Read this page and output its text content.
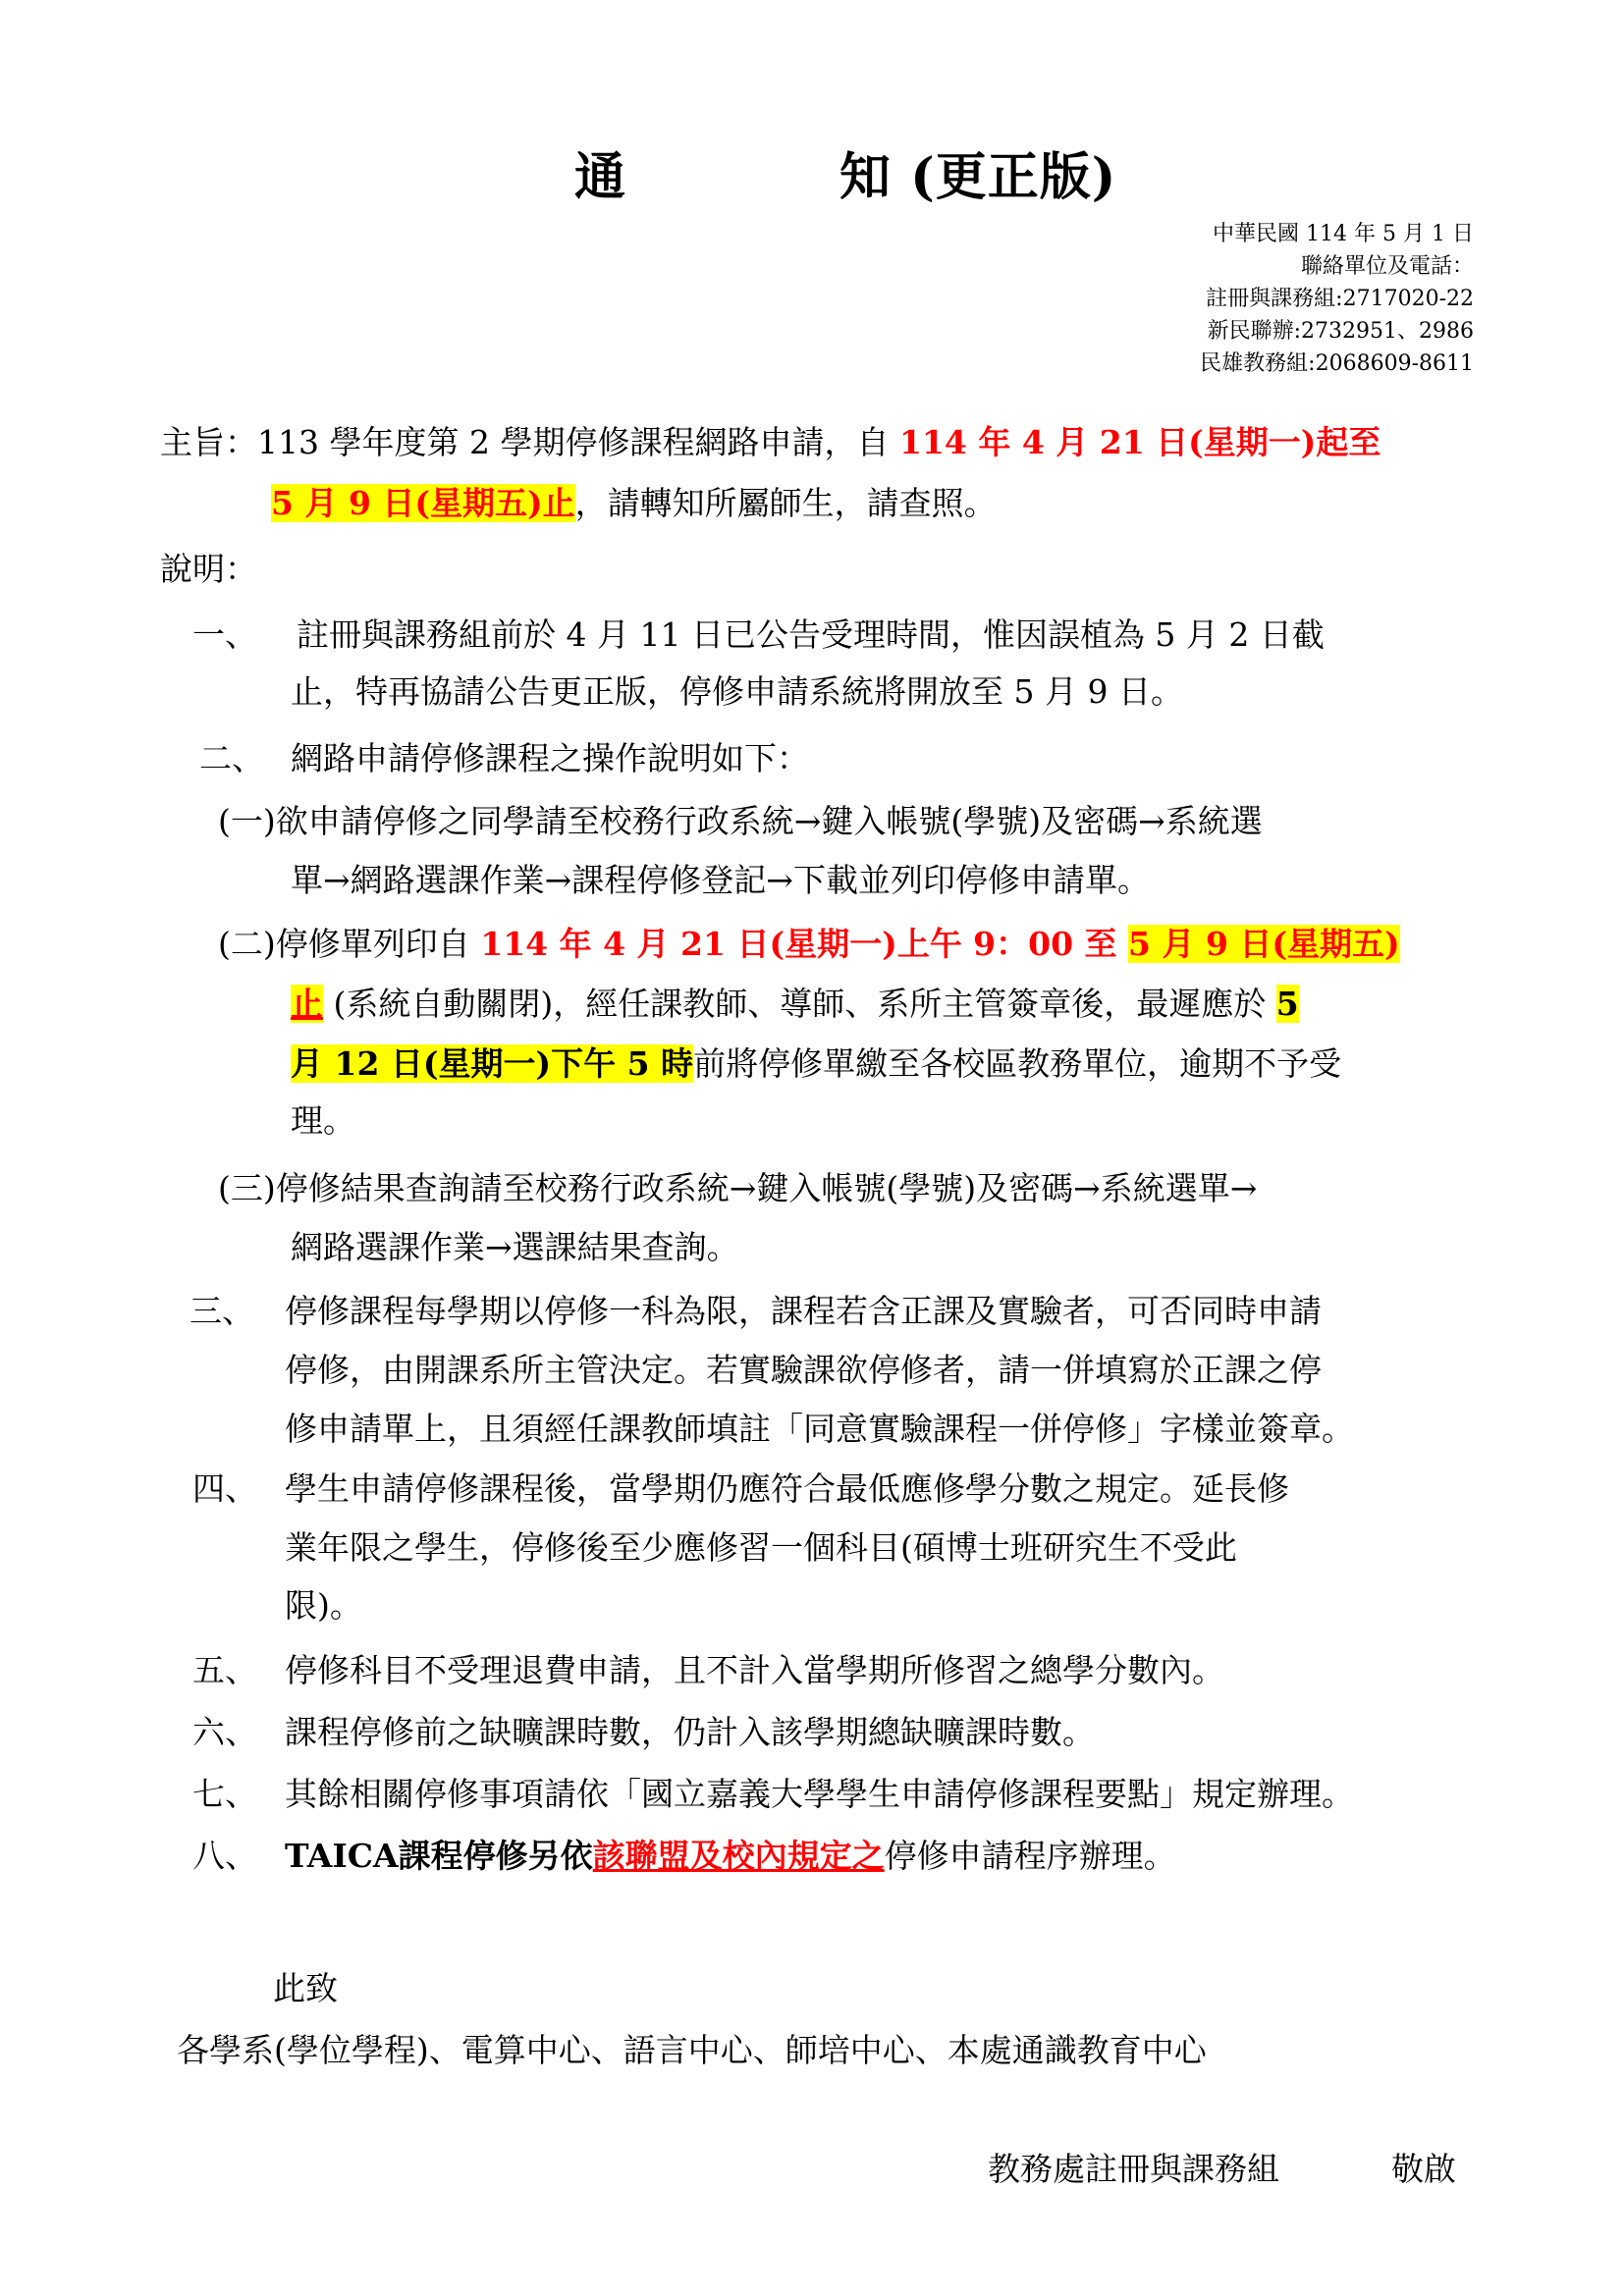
通	知 (更正版)
中華民國 114 年 5 月 1 日
聯絡單位及電話：
註冊與課務組:2717020-22
新民聯辦:2732951、2986
民雄教務組:2068609-8611
主旨：113 學年度第 2 學期停修課程網路申請，自 114 年 4 月 21 日(星期一)起至
5 月 9 日(星期五)止，請轉知所屬師生，請查照。
說明：
一、 註冊與課務組前於 4 月 11 日已公告受理時間，惟因誤植為 5 月 2 日截
止，特再協請公告更正版，停修申請系統將開放至 5 月 9 日。
二、 網路申請停修課程之操作說明如下：
(一)欲申請停修之同學請至校務行政系統→鍵入帳號(學號)及密碼→系統選
單→網路選課作業→課程停修登記→下載並列印停修申請單。
(二)停修單列印自 114 年 4 月 21 日(星期一)上午 9：00 至 5 月 9 日(星期五)
止 (系統自動關閉)，經任課教師、導師、系所主管簽章後，最遲應於 5
月 12 日(星期一)下午 5 時前將停修單繳至各校區教務單位，逾期不予受
理。
(三)停修結果查詢請至校務行政系統→鍵入帳號(學號)及密碼→系統選單→
網路選課作業→選課結果查詢。
三、 停修課程每學期以停修一科為限，課程若含正課及實驗者，可否同時申請
停修，由開課系所主管決定。若實驗課欲停修者，請一併填寫於正課之停
修申請單上，且須經任課教師填註「同意實驗課程一併停修」字樣並簽章。
四、 學生申請停修課程後，當學期仍應符合最低應修學分數之規定。延長修
業年限之學生，停修後至少應修習一個科目(碩博士班研究生不受此
限)。
五、 停修科目不受理退費申請，且不計入當學期所修習之總學分數內。
六、 課程停修前之缺曠課時數，仍計入該學期總缺曠課時數。
七、 其餘相關停修事項請依「國立嘉義大學學生申請停修課程要點」規定辦理。
八、 TAICA課程停修另依該聯盟及校內規定之停修申請程序辦理。
此致
各學系(學位學程)、電算中心、語言中心、師培中心、本處通識教育中心
教務處註冊與課務組	敬啟
